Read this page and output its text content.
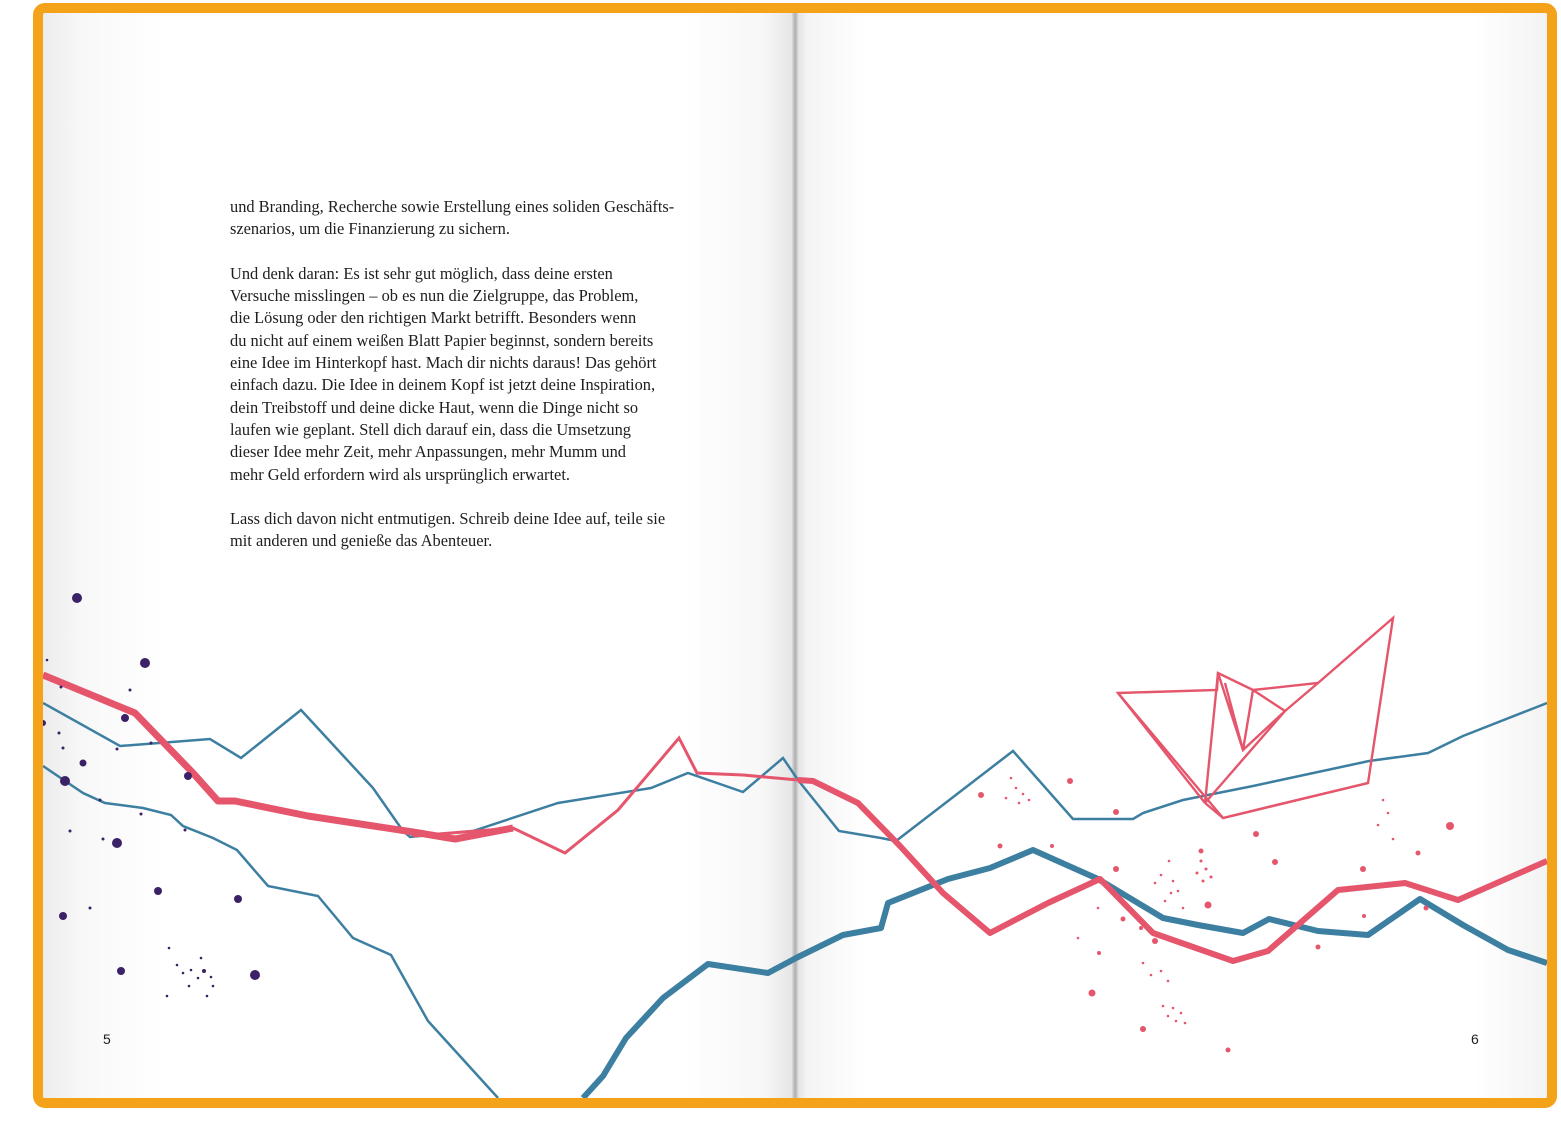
und Branding, Recherche sowie Erstellung eines soliden Geschäfts-
szenarios, um die Finanzierung zu sichern.

Und denk daran: Es ist sehr gut möglich, dass deine ersten
Versuche misslingen – ob es nun die Zielgruppe, das Problem,
die Lösung oder den richtigen Markt betrifft. Besonders wenn
du nicht auf einem weißen Blatt Papier beginnst, sondern bereits
eine Idee im Hinterkopf hast. Mach dir nichts daraus! Das gehört
einfach dazu. Die Idee in deinem Kopf ist jetzt deine Inspiration,
dein Treibstoff und deine dicke Haut, wenn die Dinge nicht so
laufen wie geplant. Stell dich darauf ein, dass die Umsetzung
dieser Idee mehr Zeit, mehr Anpassungen, mehr Mumm und
mehr Geld erfordern wird als ursprünglich erwartet.

Lass dich davon nicht entmutigen. Schreib deine Idee auf, teile sie
mit anderen und genieße das Abenteuer.

5	6
